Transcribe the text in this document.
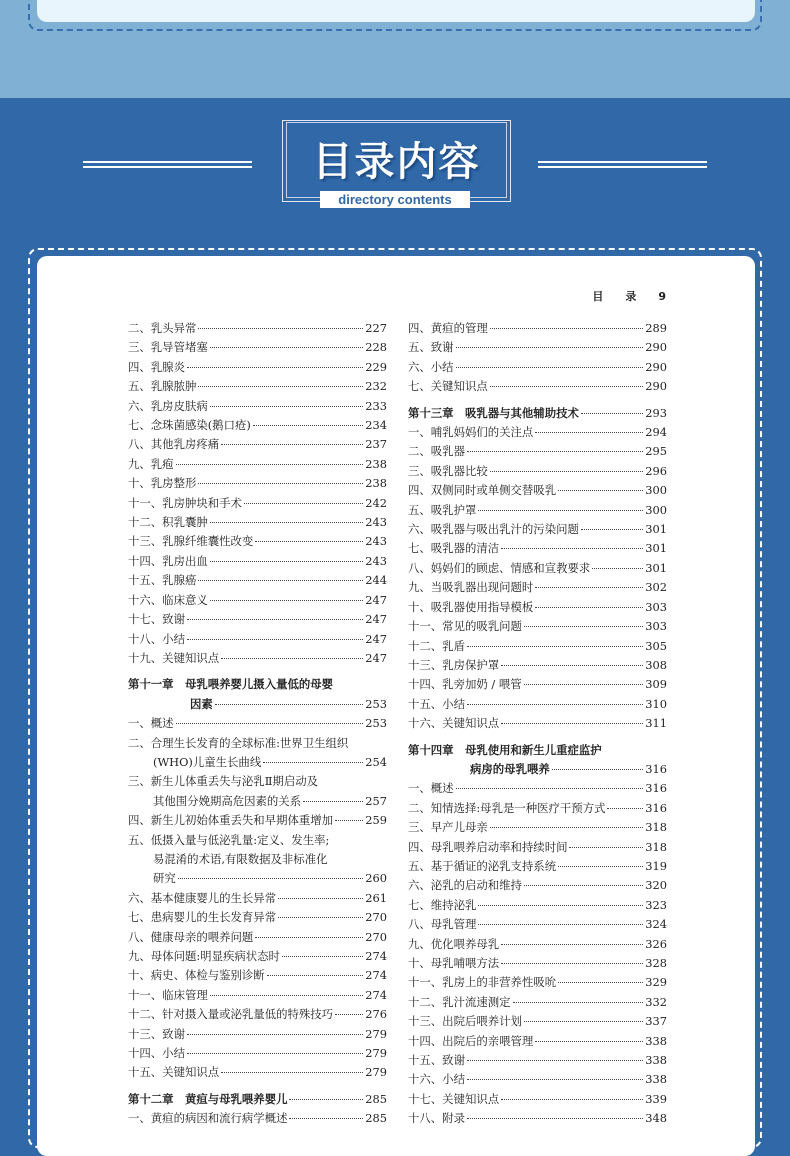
目录内容
directory contents
目　　录　　9
二、乳头异常	227
三、乳导管堵塞	228
四、乳腺炎	229
五、乳腺脓肿	232
六、乳房皮肤病	233
七、念珠菌感染(鹅口疮)	234
八、其他乳房疼痛	237
九、乳疱	238
十、乳房整形	238
十一、乳房肿块和手术	242
十二、积乳囊肿	243
十三、乳腺纤维囊性改变	243
十四、乳房出血	243
十五、乳腺癌	244
十六、临床意义	247
十七、致谢	247
十八、小结	247
十九、关键知识点	247
第十一章　母乳喂养婴儿摄入量低的母婴
因素	253
一、概述	253
二、合理生长发育的全球标准:世界卫生组织
(WHO)儿童生长曲线	254
三、新生儿体重丢失与泌乳Ⅱ期启动及
其他围分娩期高危因素的关系	257
四、新生儿初始体重丢失和早期体重增加	259
五、低摄入量与低泌乳量:定义、发生率;
易混淆的术语,有限数据及非标准化
研究	260
六、基本健康婴儿的生长异常	261
七、患病婴儿的生长发育异常	270
八、健康母亲的喂养问题	270
九、母体问题:明显疾病状态时	274
十、病史、体检与鉴别诊断	274
十一、临床管理	274
十二、针对摄入量或泌乳量低的特殊技巧	276
十三、致谢	279
十四、小结	279
十五、关键知识点	279
第十二章　黄疸与母乳喂养婴儿	285
一、黄疸的病因和流行病学概述	285
四、黄疸的管理	289
五、致谢	290
六、小结	290
七、关键知识点	290
第十三章　吸乳器与其他辅助技术	293
一、哺乳妈妈们的关注点	294
二、吸乳器	295
三、吸乳器比较	296
四、双侧同时或单侧交替吸乳	300
五、吸乳护罩	300
六、吸乳器与吸出乳汁的污染问题	301
七、吸乳器的清洁	301
八、妈妈们的顾虑、情感和宣教要求	301
九、当吸乳器出现问题时	302
十、吸乳器使用指导模板	303
十一、常见的吸乳问题	303
十二、乳盾	305
十三、乳房保护罩	308
十四、乳旁加奶 / 喂管	309
十五、小结	310
十六、关键知识点	311
第十四章　母乳使用和新生儿重症监护
病房的母乳喂养	316
一、概述	316
二、知情选择:母乳是一种医疗干预方式	316
三、早产儿母亲	318
四、母乳喂养启动率和持续时间	318
五、基于循证的泌乳支持系统	319
六、泌乳的启动和维持	320
七、维持泌乳	323
八、母乳管理	324
九、优化喂养母乳	326
十、母乳哺喂方法	328
十一、乳房上的非营养性吸吮	329
十二、乳汁流速测定	332
十三、出院后喂养计划	337
十四、出院后的亲喂管理	338
十五、致谢	338
十六、小结	338
十七、关键知识点	339
十八、附录	348
